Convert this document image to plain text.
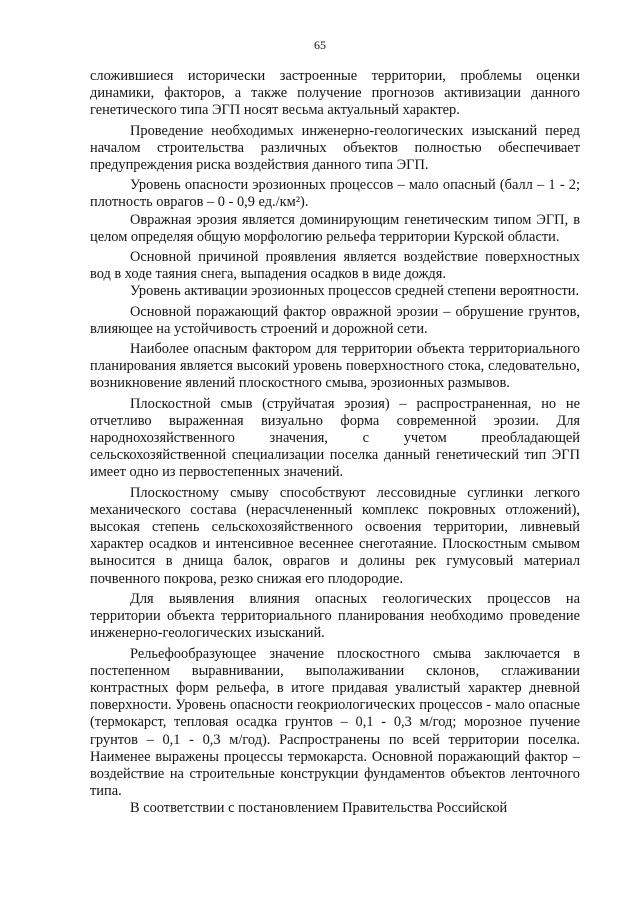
65

сложившиеся исторически застроенные территории, проблемы оценки динамики, факторов, а также получение прогнозов активизации данного генетического типа ЭГП носят весьма актуальный характер.

Проведение необходимых инженерно-геологических изысканий перед началом строительства различных объектов полностью обеспечивает предупреждения риска воздействия данного типа ЭГП.

Уровень опасности эрозионных процессов – мало опасный (балл – 1 - 2; плотность оврагов – 0 - 0,9 ед./км²).

Овражная эрозия является доминирующим генетическим типом ЭГП, в целом определяя общую морфологию рельефа территории Курской области.

Основной причиной проявления является воздействие поверхностных вод в ходе таяния снега, выпадения осадков в виде дождя.

Уровень активации эрозионных процессов средней степени вероятности.

Основной поражающий фактор овражной эрозии – обрушение грунтов, влияющее на устойчивость строений и дорожной сети.

Наиболее опасным фактором для территории объекта территориального планирования является высокий уровень поверхностного стока, следовательно, возникновение явлений плоскостного смыва, эрозионных размывов.

Плоскостной смыв (струйчатая эрозия) – распространенная, но не отчетливо выраженная визуально форма современной эрозии. Для народнохозяйственного значения, с учетом преобладающей сельскохозяйственной специализации поселка данный генетический тип ЭГП имеет одно из первостепенных значений.

Плоскостному смыву способствуют лессовидные суглинки легкого механического состава (нерасчлененный комплекс покровных отложений), высокая степень сельскохозяйственного освоения территории, ливневый характер осадков и интенсивное весеннее снеготаяние. Плоскостным смывом выносится в днища балок, оврагов и долины рек гумусовый материал почвенного покрова, резко снижая его плодородие.

Для выявления влияния опасных геологических процессов на территории объекта территориального планирования необходимо проведение инженерно-геологических изысканий.

Рельефообразующее значение плоскостного смыва заключается в постепенном выравнивании, выполаживании склонов, сглаживании контрастных форм рельефа, в итоге придавая увалистый характер дневной поверхности. Уровень опасности геокриологических процессов - мало опасные (термокарст, тепловая осадка грунтов – 0,1 - 0,3 м/год; морозное пучение грунтов – 0,1 - 0,3 м/год). Распространены по всей территории поселка. Наименее выражены процессы термокарста. Основной поражающий фактор – воздействие на строительные конструкции фундаментов объектов ленточного типа.

В соответствии с постановлением Правительства Российской
